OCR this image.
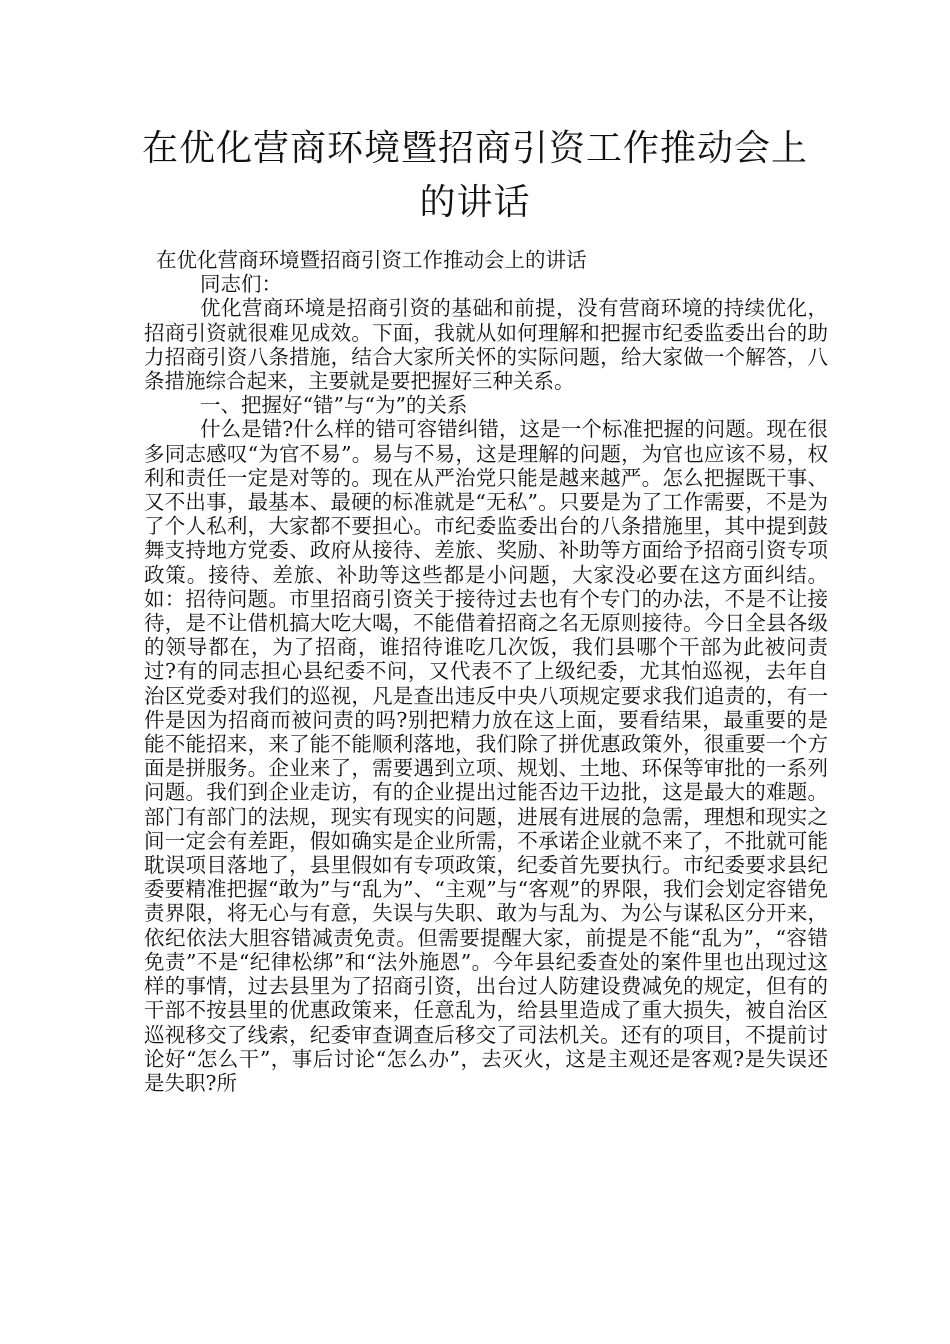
在优化营商环境暨招商引资工作推动会上
的讲话

在优化营商环境暨招商引资工作推动会上的讲话

同志们：

优化营商环境是招商引资的基础和前提，没有营商环境的持续优化，招商引资就很难见成效。下面，我就从如何理解和把握市纪委监委出台的助力招商引资八条措施，结合大家所关怀的实际问题，给大家做一个解答，八条措施综合起来，主要就是要把握好三种关系。

一、把握好“错”与“为”的关系

什么是错?什么样的错可容错纠错，这是一个标准把握的问题。现在很多同志感叹“为官不易”。易与不易，这是理解的问题，为官也应该不易，权利和责任一定是对等的。现在从严治党只能是越来越严。怎么把握既干事、又不出事，最基本、最硬的标准就是“无私”。只要是为了工作需要，不是为了个人私利，大家都不要担心。市纪委监委出台的八条措施里，其中提到鼓舞支持地方党委、政府从接待、差旅、奖励、补助等方面给予招商引资专项政策。接待、差旅、补助等这些都是小问题，大家没必要在这方面纠结。如：招待问题。市里招商引资关于接待过去也有个专门的办法，不是不让接待，是不让借机搞大吃大喝，不能借着招商之名无原则接待。今日全县各级的领导都在，为了招商，谁招待谁吃几次饭，我们县哪个干部为此被问责过?有的同志担心县纪委不问，又代表不了上级纪委，尤其怕巡视，去年自治区党委对我们的巡视，凡是查出违反中央八项规定要求我们追责的，有一件是因为招商而被问责的吗?别把精力放在这上面，要看结果，最重要的是能不能招来，来了能不能顺利落地，我们除了拼优惠政策外，很重要一个方面是拼服务。企业来了，需要遇到立项、规划、土地、环保等审批的一系列问题。我们到企业走访，有的企业提出过能否边干边批，这是最大的难题。部门有部门的法规，现实有现实的问题，进展有进展的急需，理想和现实之间一定会有差距，假如确实是企业所需，不承诺企业就不来了，不批就可能耽误项目落地了，县里假如有专项政策，纪委首先要执行。市纪委要求县纪委要精准把握“敢为”与“乱为”、“主观”与“客观”的界限，我们会划定容错免责界限，将无心与有意，失误与失职、敢为与乱为、为公与谋私区分开来，依纪依法大胆容错减责免责。但需要提醒大家，前提是不能“乱为”，“容错免责”不是“纪律松绑”和“法外施恩”。今年县纪委查处的案件里也出现过这样的事情，过去县里为了招商引资，出台过人防建设费减免的规定，但有的干部不按县里的优惠政策来，任意乱为，给县里造成了重大损失，被自治区巡视移交了线索，纪委审查调查后移交了司法机关。还有的项目，不提前讨论好“怎么干”，事后讨论“怎么办”，去灭火，这是主观还是客观?是失误还是失职?所
